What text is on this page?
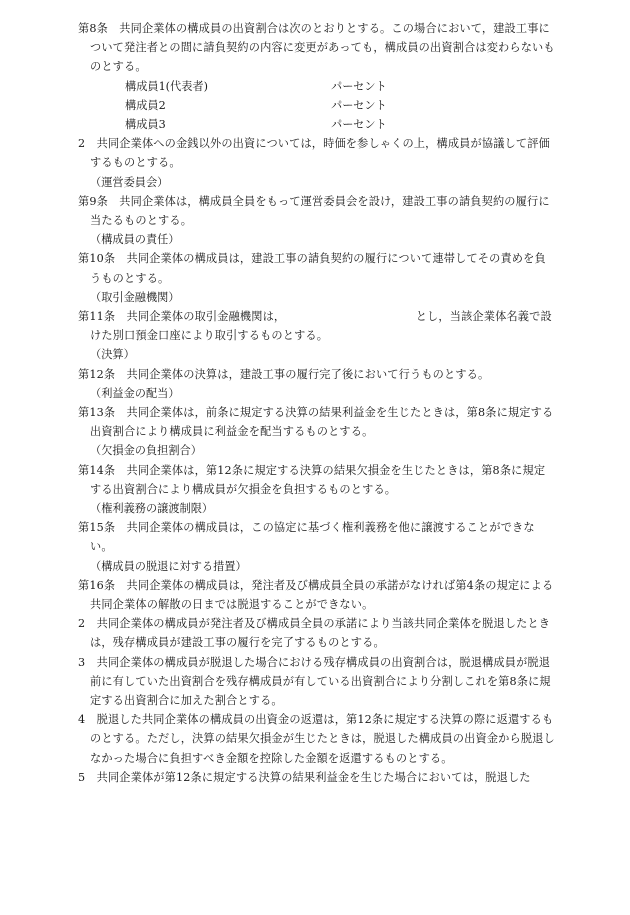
第8条　共同企業体の構成員の出資割合は次のとおりとする。この場合において，建設工事について発注者との間に請負契約の内容に変更があっても，構成員の出資割合は変わらないものとする。

構成員1(代表者)	パーセント
構成員2	パーセント
構成員3	パーセント

2　共同企業体への金銭以外の出資については，時価を参しゃくの上，構成員が協議して評価するものとする。

（運営委員会）

第9条　共同企業体は，構成員全員をもって運営委員会を設け，建設工事の請負契約の履行に当たるものとする。

（構成員の責任）

第10条　共同企業体の構成員は，建設工事の請負契約の履行について連帯してその責めを負うものとする。

（取引金融機関）

第11条　共同企業体の取引金融機関は，　　　　　　　　　　　　とし，当該企業体名義で設けた別口預金口座により取引するものとする。

（決算）

第12条　共同企業体の決算は，建設工事の履行完了後において行うものとする。

（利益金の配当）

第13条　共同企業体は，前条に規定する決算の結果利益金を生じたときは，第8条に規定する出資割合により構成員に利益金を配当するものとする。

（欠損金の負担割合）

第14条　共同企業体は，第12条に規定する決算の結果欠損金を生じたときは，第8条に規定する出資割合により構成員が欠損金を負担するものとする。

（権利義務の譲渡制限）

第15条　共同企業体の構成員は，この協定に基づく権利義務を他に譲渡することができない。

（構成員の脱退に対する措置）

第16条　共同企業体の構成員は，発注者及び構成員全員の承諾がなければ第4条の規定による共同企業体の解散の日までは脱退することができない。

2　共同企業体の構成員が発注者及び構成員全員の承諾により当該共同企業体を脱退したときは，残存構成員が建設工事の履行を完了するものとする。

3　共同企業体の構成員が脱退した場合における残存構成員の出資割合は，脱退構成員が脱退前に有していた出資割合を残存構成員が有している出資割合により分割しこれを第8条に規定する出資割合に加えた割合とする。

4　脱退した共同企業体の構成員の出資金の返還は，第12条に規定する決算の際に返還するものとする。ただし，決算の結果欠損金が生じたときは，脱退した構成員の出資金から脱退しなかった場合に負担すべき金額を控除した金額を返還するものとする。

5　共同企業体が第12条に規定する決算の結果利益金を生じた場合においては，脱退した
